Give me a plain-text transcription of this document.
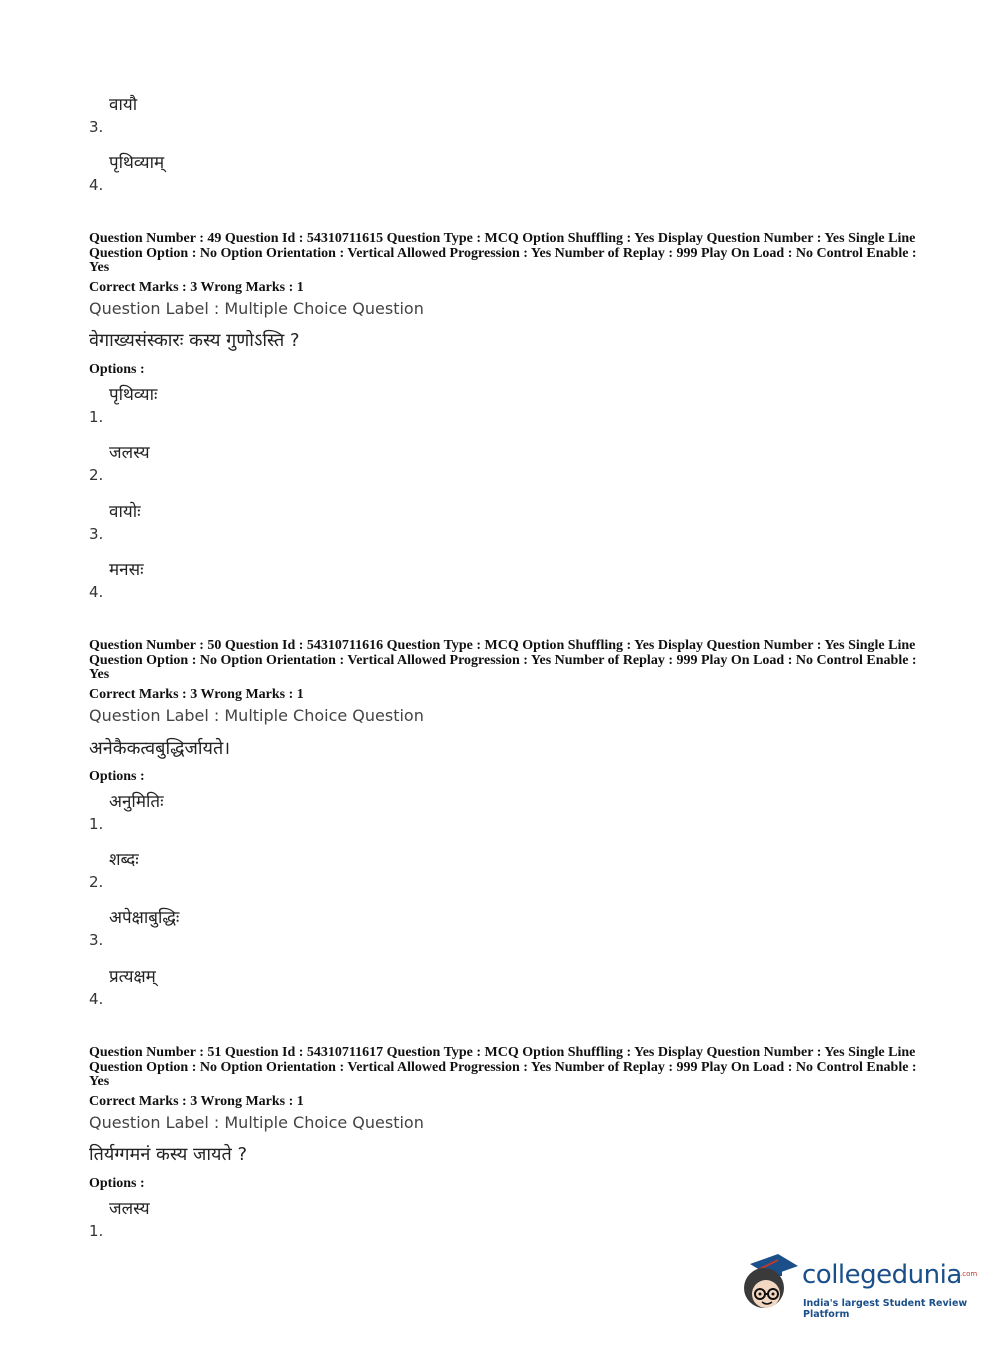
3.
वायौ
4.
पृथिव्याम्
Question Number : 49 Question Id : 54310711615 Question Type : MCQ Option Shuffling : Yes Display Question Number : Yes Single Line Question Option : No Option Orientation : Vertical Allowed Progression : Yes Number of Replay : 999 Play On Load : No Control Enable : Yes
Correct Marks : 3 Wrong Marks : 1
Question Label : Multiple Choice Question
वेगाख्यसंस्कारः कस्य गुणोऽस्ति ?
Options :
1.
पृथिव्याः
2.
जलस्य
3.
वायोः
4.
मनसः
Question Number : 50 Question Id : 54310711616 Question Type : MCQ Option Shuffling : Yes Display Question Number : Yes Single Line Question Option : No Option Orientation : Vertical Allowed Progression : Yes Number of Replay : 999 Play On Load : No Control Enable : Yes
Correct Marks : 3 Wrong Marks : 1
Question Label : Multiple Choice Question
अनेकैकत्वबुद्धिर्जायते।
Options :
1.
अनुमितिः
2.
शब्दः
3.
अपेक्षाबुद्धिः
4.
प्रत्यक्षम्
Question Number : 51 Question Id : 54310711617 Question Type : MCQ Option Shuffling : Yes Display Question Number : Yes Single Line Question Option : No Option Orientation : Vertical Allowed Progression : Yes Number of Replay : 999 Play On Load : No Control Enable : Yes
Correct Marks : 3 Wrong Marks : 1
Question Label : Multiple Choice Question
तिर्यग्गमनं कस्य जायते ?
Options :
1.
जलस्य
collegedunia
.com
India's largest Student Review Platform
